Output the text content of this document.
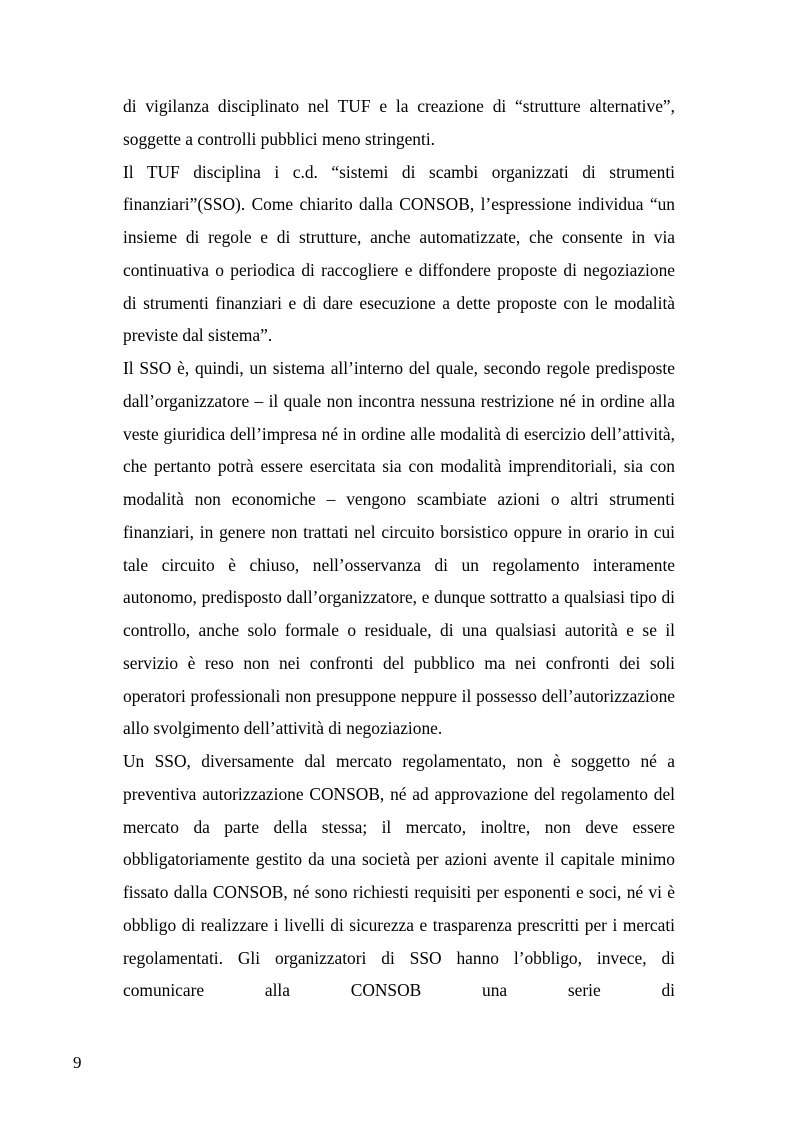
di vigilanza disciplinato nel TUF e la creazione di “strutture alternative”, soggette a controlli pubblici meno stringenti.

Il TUF disciplina i c.d. “sistemi di scambi organizzati di strumenti finanziari”(SSO). Come chiarito dalla CONSOB, l’espressione individua “un insieme di regole e di strutture, anche automatizzate, che consente in via continuativa o periodica di raccogliere e diffondere proposte di negoziazione di strumenti finanziari e di dare esecuzione a dette proposte con le modalità previste dal sistema”.

Il SSO è, quindi, un sistema all’interno del quale, secondo regole predisposte dall’organizzatore – il quale non incontra nessuna restrizione né in ordine alla veste giuridica dell’impresa né in ordine alle modalità di esercizio dell’attività, che pertanto potrà essere esercitata sia con modalità imprenditoriali, sia con modalità non economiche – vengono scambiate azioni o altri strumenti finanziari, in genere non trattati nel circuito borsistico oppure in orario in cui tale circuito è chiuso, nell’osservanza di un regolamento interamente autonomo, predisposto dall’organizzatore, e dunque sottratto a qualsiasi tipo di controllo, anche solo formale o residuale, di una qualsiasi autorità e se il servizio è reso non nei confronti del pubblico ma nei confronti dei soli operatori professionali non presuppone neppure il possesso dell’autorizzazione allo svolgimento dell’attività di negoziazione.

Un SSO, diversamente dal mercato regolamentato, non è soggetto né a preventiva autorizzazione CONSOB, né ad approvazione del regolamento del mercato da parte della stessa; il mercato, inoltre, non deve essere obbligatoriamente gestito da una società per azioni avente il capitale minimo fissato dalla CONSOB, né sono richiesti requisiti per esponenti e soci, né vi è obbligo di realizzare i livelli di sicurezza e trasparenza prescritti per i mercati regolamentati. Gli organizzatori di SSO hanno l’obbligo, invece, di comunicare alla CONSOB una serie di

9
